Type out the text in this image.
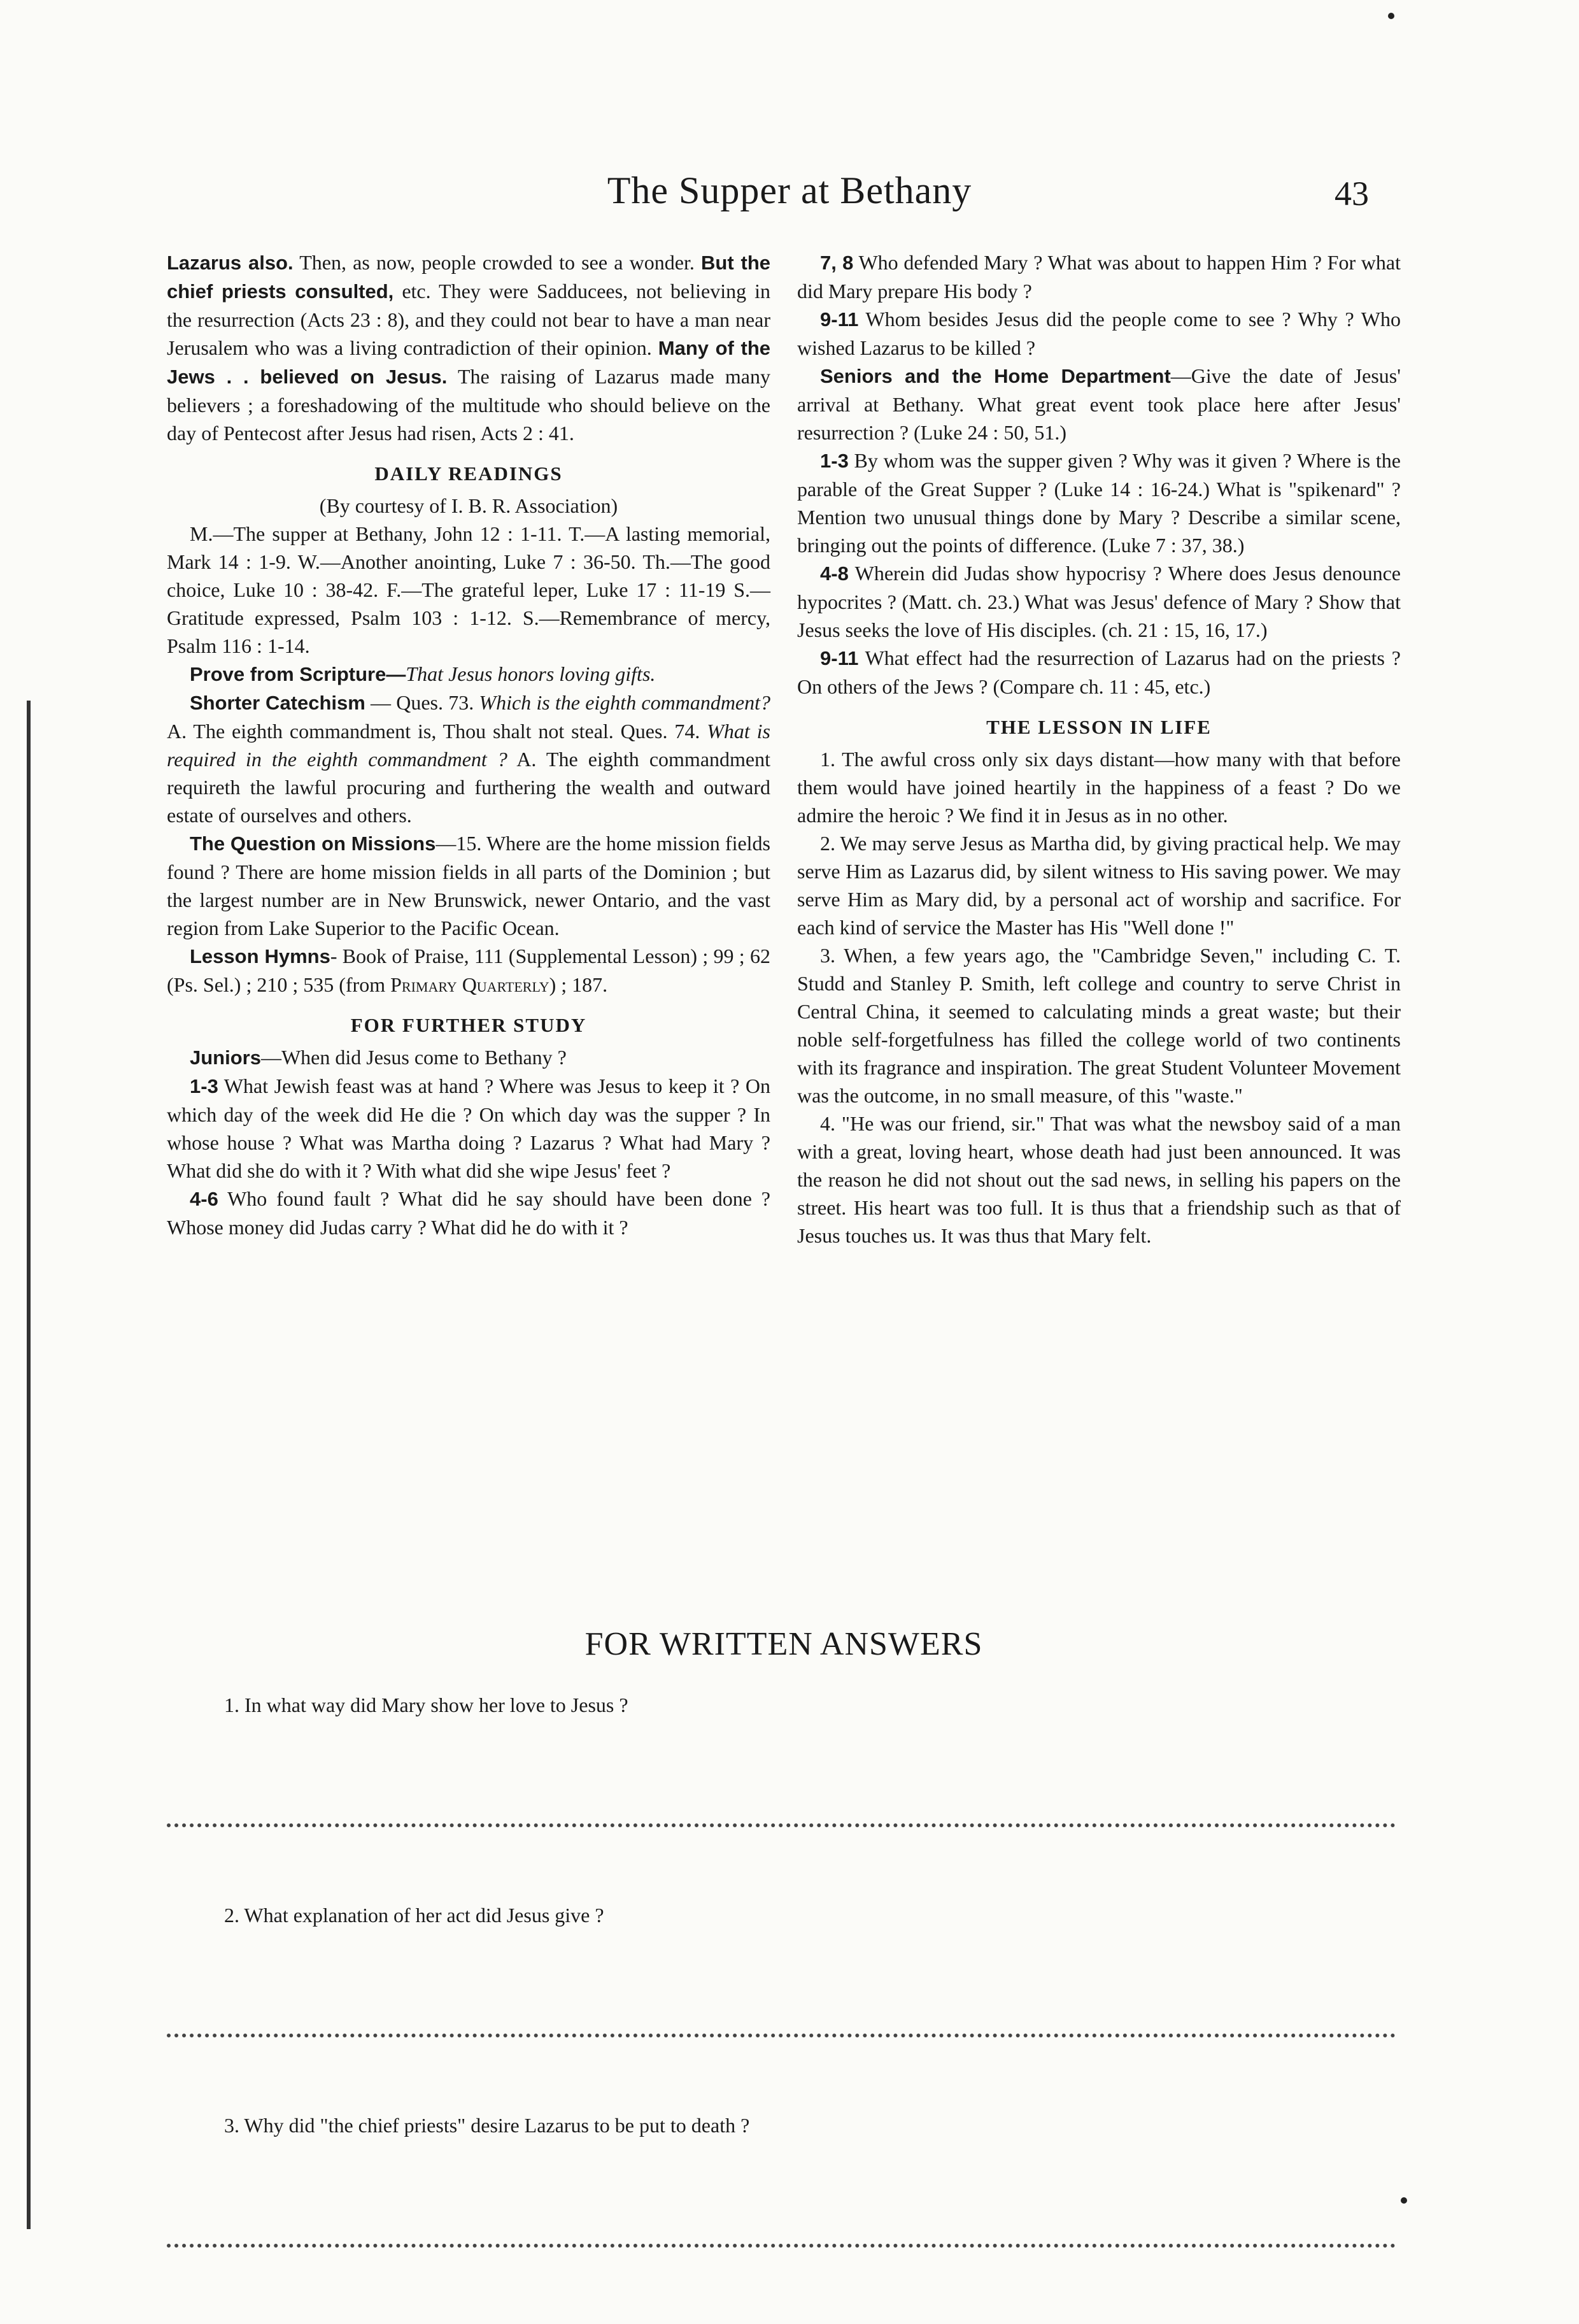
The Supper at Bethany	43

Lazarus also. Then, as now, people crowded to see a wonder. But the chief priests consulted, etc. They were Sadducees, not believing in the resurrection (Acts 23 : 8), and they could not bear to have a man near Jerusalem who was a living contradiction of their opinion. Many of the Jews . . believed on Jesus. The raising of Lazarus made many believers ; a foreshadowing of the multitude who should believe on the day of Pentecost after Jesus had risen, Acts 2 : 41.

DAILY READINGS

(By courtesy of I. B. R. Association)

M.—The supper at Bethany, John 12 : 1-11. T.—A lasting memorial, Mark 14 : 1-9. W.—Another anointing, Luke 7 : 36-50. Th.—The good choice, Luke 10 : 38-42. F.—The grateful leper, Luke 17 : 11-19 S.—Gratitude expressed, Psalm 103 : 1-12. S.—Remembrance of mercy, Psalm 116 : 1-14.

Prove from Scripture—That Jesus honors loving gifts.

Shorter Catechism — Ques. 73. Which is the eighth commandment? A. The eighth commandment is, Thou shalt not steal. Ques. 74. What is required in the eighth commandment ? A. The eighth commandment requireth the lawful procuring and furthering the wealth and outward estate of ourselves and others.

The Question on Missions—15. Where are the home mission fields found ? There are home mission fields in all parts of the Dominion ; but the largest number are in New Brunswick, newer Ontario, and the vast region from Lake Superior to the Pacific Ocean.

Lesson Hymns- Book of Praise, 111 (Supplemental Lesson) ; 99 ; 62 (Ps. Sel.) ; 210 ; 535 (from Primary Quarterly) ; 187.

FOR FURTHER STUDY

Juniors—When did Jesus come to Bethany ?

1-3 What Jewish feast was at hand ? Where was Jesus to keep it ? On which day of the week did He die ? On which day was the supper ? In whose house ? What was Martha doing ? Lazarus ? What had Mary ? What did she do with it ? With what did she wipe Jesus' feet ?

4-6 Who found fault ? What did he say should have been done ? Whose money did Judas carry ? What did he do with it ?

7, 8 Who defended Mary ? What was about to happen Him ? For what did Mary prepare His body ?

9-11 Whom besides Jesus did the people come to see ? Why ? Who wished Lazarus to be killed ?

Seniors and the Home Department—Give the date of Jesus' arrival at Bethany. What great event took place here after Jesus' resurrection ? (Luke 24 : 50, 51.)

1-3 By whom was the supper given ? Why was it given ? Where is the parable of the Great Supper ? (Luke 14 : 16-24.) What is "spikenard" ? Mention two unusual things done by Mary ? Describe a similar scene, bringing out the points of difference. (Luke 7 : 37, 38.)

4-8 Wherein did Judas show hypocrisy ? Where does Jesus denounce hypocrites ? (Matt. ch. 23.) What was Jesus' defence of Mary ? Show that Jesus seeks the love of His disciples. (ch. 21 : 15, 16, 17.)

9-11 What effect had the resurrection of Lazarus had on the priests ? On others of the Jews ? (Compare ch. 11 : 45, etc.)

THE LESSON IN LIFE

1. The awful cross only six days distant—how many with that before them would have joined heartily in the happiness of a feast ? Do we admire the heroic ? We find it in Jesus as in no other.

2. We may serve Jesus as Martha did, by giving practical help. We may serve Him as Lazarus did, by silent witness to His saving power. We may serve Him as Mary did, by a personal act of worship and sacrifice. For each kind of service the Master has His "Well done !"

3. When, a few years ago, the "Cambridge Seven," including C. T. Studd and Stanley P. Smith, left college and country to serve Christ in Central China, it seemed to calculating minds a great waste; but their noble self-forgetfulness has filled the college world of two continents with its fragrance and inspiration. The great Student Volunteer Movement was the outcome, in no small measure, of this "waste."

4. "He was our friend, sir." That was what the newsboy said of a man with a great, loving heart, whose death had just been announced. It was the reason he did not shout out the sad news, in selling his papers on the street. His heart was too full. It is thus that a friendship such as that of Jesus touches us. It was thus that Mary felt.

FOR WRITTEN ANSWERS
1. In what way did Mary show her love to Jesus ?
2. What explanation of her act did Jesus give ?
3. Why did "the chief priests" desire Lazarus to be put to death ?
